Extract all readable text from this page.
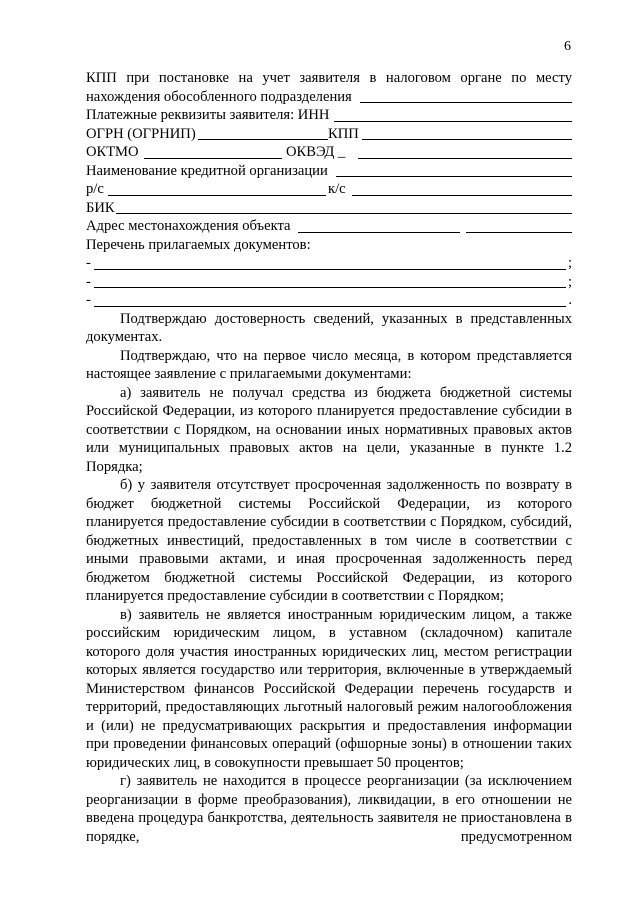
6
КПП при постановке на учет заявителя в налоговом органе по месту
нахождения обособленного подразделения
Платежные реквизиты заявителя: ИНН
ОГРН (ОГРНИП)	КПП
ОКТМО	ОКВЭД _
Наименование кредитной организации
р/с	к/с
БИК
Адрес местонахождения объекта
Перечень прилагаемых документов:
-	;
-	;
-	.
Подтверждаю достоверность сведений, указанных в представленных документах.
Подтверждаю, что на первое число месяца, в котором представляется настоящее заявление с прилагаемыми документами:
а) заявитель не получал средства из бюджета бюджетной системы Российской Федерации, из которого планируется предоставление субсидии в соответствии с Порядком, на основании иных нормативных правовых актов или муниципальных правовых актов на цели, указанные в пункте 1.2 Порядка;
б) у заявителя отсутствует просроченная задолженность по возврату в бюджет бюджетной системы Российской Федерации, из которого планируется предоставление субсидии в соответствии с Порядком, субсидий, бюджетных инвестиций, предоставленных в том числе в соответствии с иными правовыми актами, и иная просроченная задолженность перед бюджетом бюджетной системы Российской Федерации, из которого планируется предоставление субсидии в соответствии с Порядком;
в) заявитель не является иностранным юридическим лицом, а также российским юридическим лицом, в уставном (складочном) капитале которого доля участия иностранных юридических лиц, местом регистрации которых является государство или территория, включенные в утверждаемый Министерством финансов Российской Федерации перечень государств и территорий, предоставляющих льготный налоговый режим налогообложения и (или) не предусматривающих раскрытия и предоставления информации при проведении финансовых операций (офшорные зоны) в отношении таких юридических лиц, в совокупности превышает 50 процентов;
г) заявитель не находится в процессе реорганизации (за исключением реорганизации в форме преобразования), ликвидации, в его отношении не введена процедура банкротства, деятельность заявителя не приостановлена в порядке, предусмотренном
